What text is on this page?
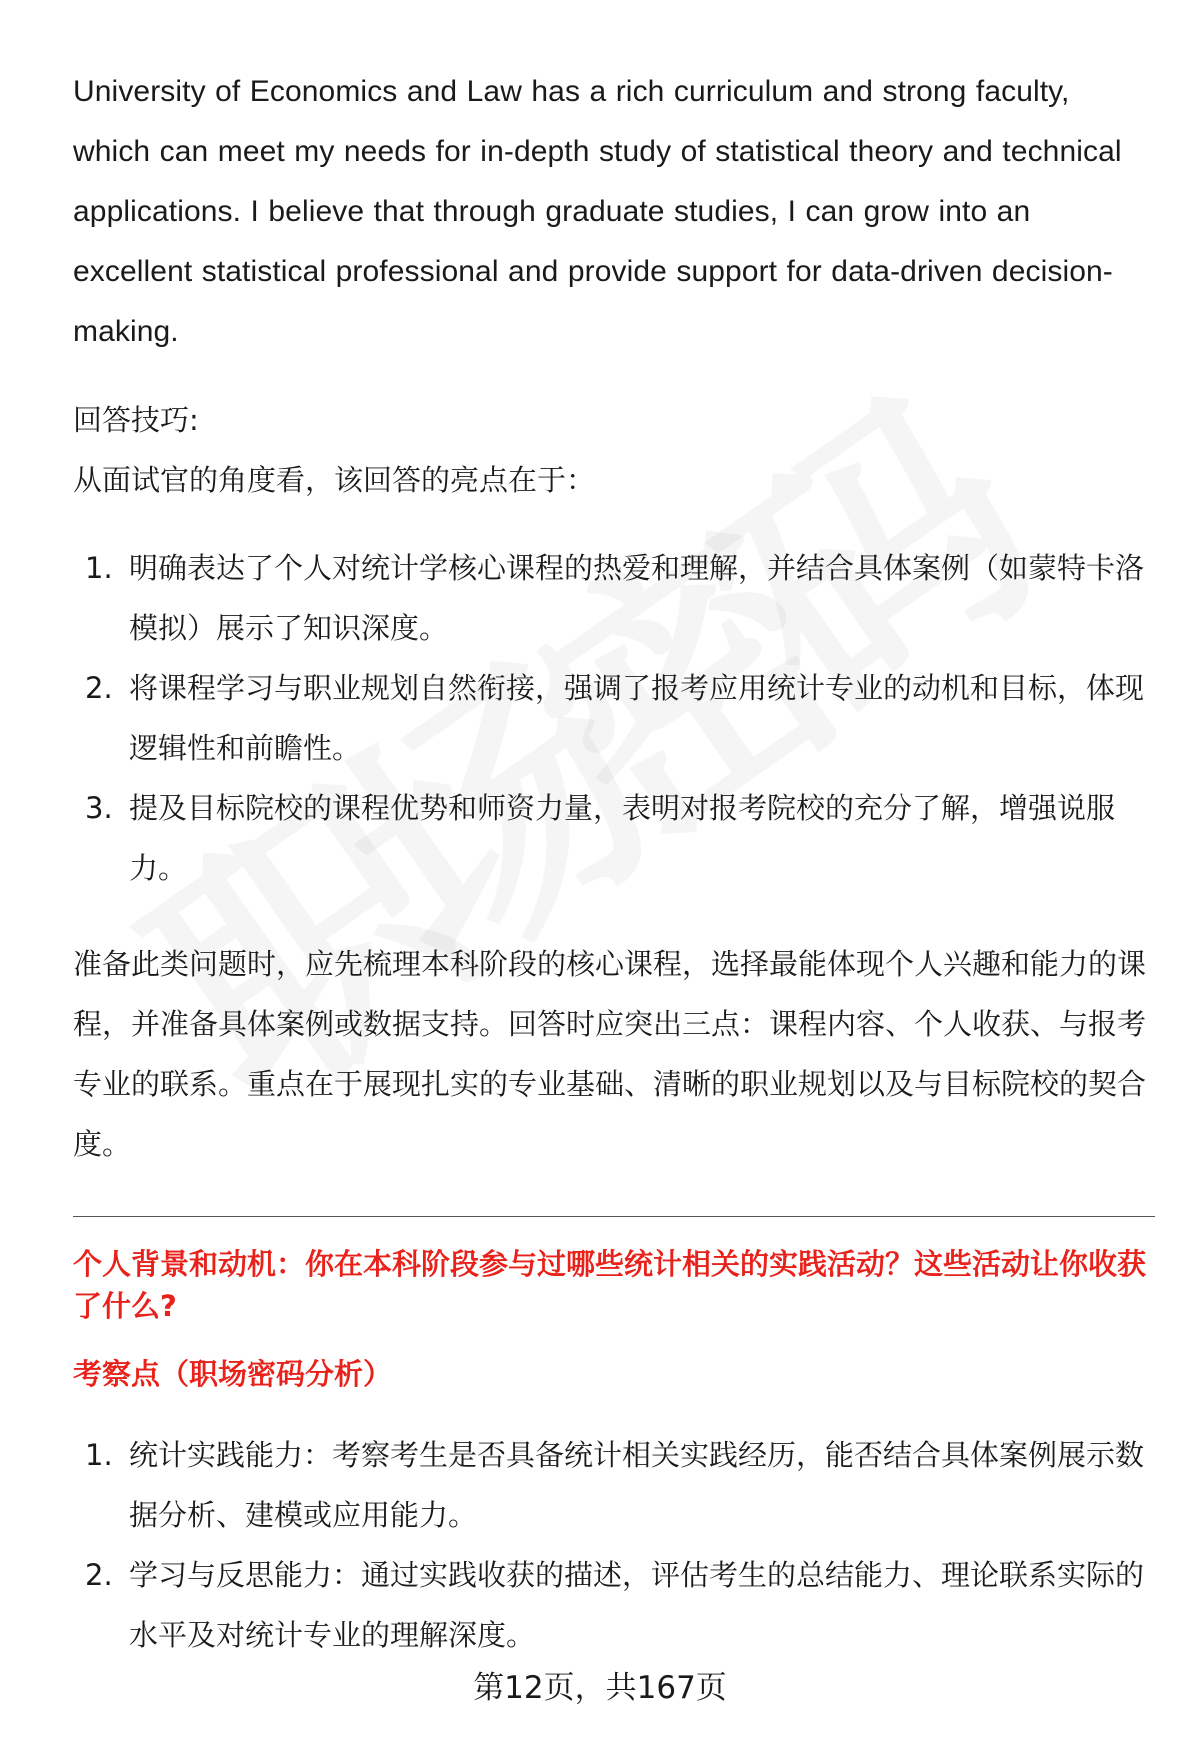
University of Economics and Law has a rich curriculum and strong faculty, which can meet my needs for in-depth study of statistical theory and technical applications. I believe that through graduate studies, I can grow into an excellent statistical professional and provide support for data-driven decision-making.

回答技巧:

从面试官的角度看，该回答的亮点在于：

1. 明确表达了个人对统计学核心课程的热爱和理解，并结合具体案例（如蒙特卡洛模拟）展示了知识深度。
2. 将课程学习与职业规划自然衔接，强调了报考应用统计专业的动机和目标，体现逻辑性和前瞻性。
3. 提及目标院校的课程优势和师资力量，表明对报考院校的充分了解，增强说服力。

准备此类问题时，应先梳理本科阶段的核心课程，选择最能体现个人兴趣和能力的课程，并准备具体案例或数据支持。回答时应突出三点：课程内容、个人收获、与报考专业的联系。重点在于展现扎实的专业基础、清晰的职业规划以及与目标院校的契合度。

个人背景和动机：你在本科阶段参与过哪些统计相关的实践活动？这些活动让你收获了什么?

考察点（职场密码分析）

1. 统计实践能力：考察考生是否具备统计相关实践经历，能否结合具体案例展示数据分析、建模或应用能力。
2. 学习与反思能力：通过实践收获的描述，评估考生的总结能力、理论联系实际的水平及对统计专业的理解深度。
第12页，共167页
